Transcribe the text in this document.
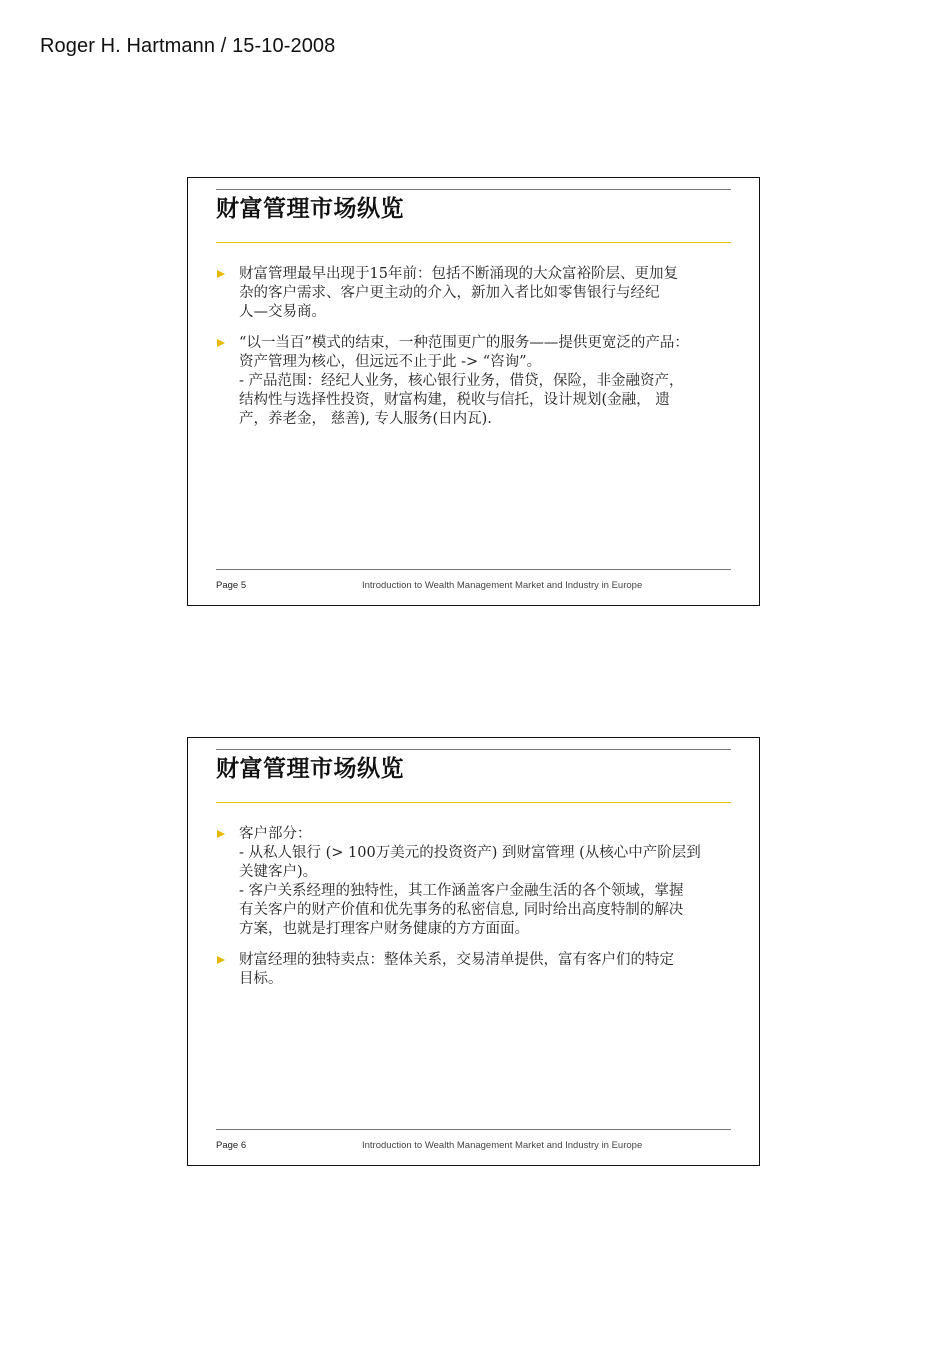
Roger H. Hartmann / 15-10-2008
财富管理市场纵览
财富管理最早出现于15年前：包括不断涌现的大众富裕阶层、更加复
杂的客户需求、客户更主动的介入，新加入者比如零售银行与经纪
人—交易商。
“以一当百”模式的结束，一种范围更广的服务——提供更宽泛的产品：
资产管理为核心，但远远不止于此 -> “咨询”。
- 产品范围：经纪人业务，核心银行业务，借贷，保险，非金融资产，
结构性与选择性投资，财富构建，税收与信托，设计规划(金融， 遗
产，养老金， 慈善), 专人服务(日内瓦).
Page 5	Introduction to Wealth Management Market and Industry in Europe
财富管理市场纵览
客户部分：
- 从私人银行 (> 100万美元的投资资产) 到财富管理 (从核心中产阶层到
关键客户)。
- 客户关系经理的独特性，其工作涵盖客户金融生活的各个领域，掌握
有关客户的财产价值和优先事务的私密信息, 同时给出高度特制的解决
方案，也就是打理客户财务健康的方方面面。
财富经理的独特卖点：整体关系，交易清单提供，富有客户们的特定
目标。
Page 6	Introduction to Wealth Management Market and Industry in Europe
